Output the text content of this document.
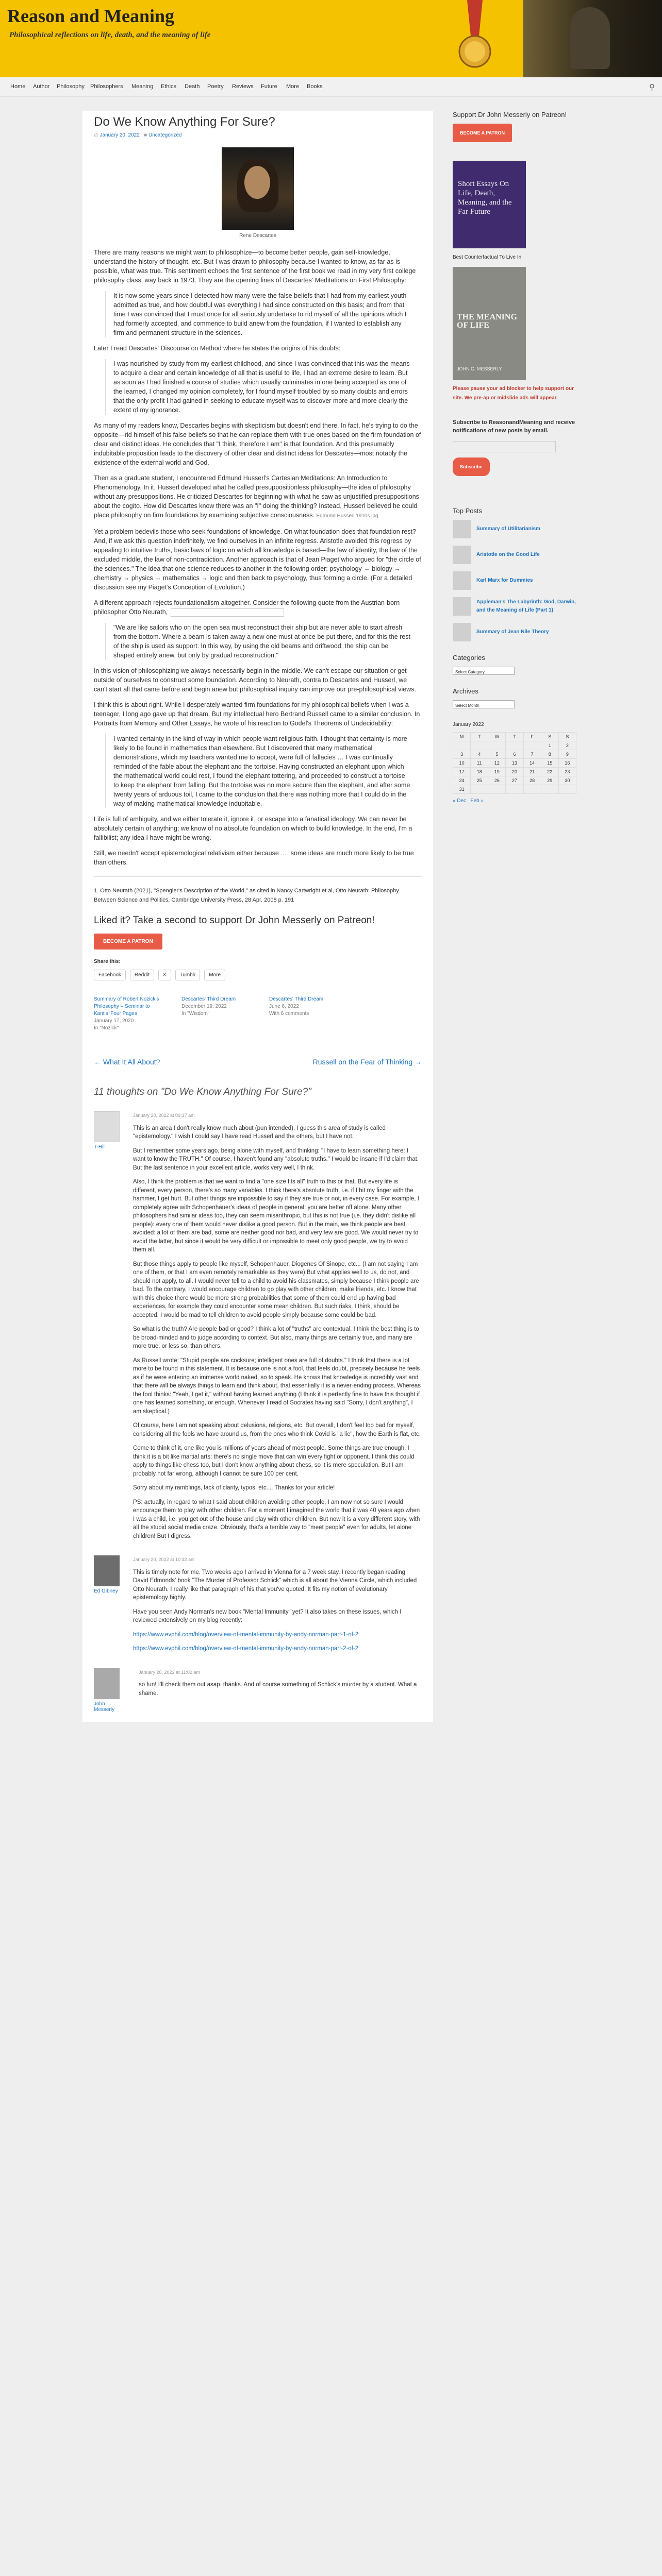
Reason and Meaning
Philosophical reflections on life, death, and the meaning of life
Home Author Philosophy Philosophers Meaning Ethics Death Poetry Reviews Future More Books	⚲
Do We Know Anything For Sure?
◴ January 20, 2022 ■ Uncategorized
Rene Descartes

There are many reasons we might want to philosophize—to become better people, gain self-knowledge, understand the history of thought, etc. But I was drawn to philosophy because I wanted to know, as far as is possible, what was true. This sentiment echoes the first sentence of the first book we read in my very first college philosophy class, way back in 1973. They are the opening lines of Descartes' Meditations on First Philosophy:

It is now some years since I detected how many were the false beliefs that I had from my earliest youth admitted as true, and how doubtful was everything I had since constructed on this basis; and from that time I was convinced that I must once for all seriously undertake to rid myself of all the opinions which I had formerly accepted, and commence to build anew from the foundation, if I wanted to establish any firm and permanent structure in the sciences.

Later I read Descartes' Discourse on Method where he states the origins of his doubts:

I was nourished by study from my earliest childhood, and since I was convinced that this was the means to acquire a clear and certain knowledge of all that is useful to life, I had an extreme desire to learn. But as soon as I had finished a course of studies which usually culminates in one being accepted as one of the learned, I changed my opinion completely, for I found myself troubled by so many doubts and errors that the only profit I had gained in seeking to educate myself was to discover more and more clearly the extent of my ignorance.

As many of my readers know, Descartes begins with skepticism but doesn't end there. In fact, he's trying to do the opposite—rid himself of his false beliefs so that he can replace them with true ones based on the firm foundation of clear and distinct ideas. He concludes that "I think, therefore I am" is that foundation. And this presumably indubitable proposition leads to the discovery of other clear and distinct ideas for Descartes—most notably the existence of the external world and God.

Then as a graduate student, I encountered Edmund Husserl's Cartesian Meditations: An Introduction to Phenomenology. In it, Husserl developed what he called presuppositionless philosophy—the idea of philosophy without any presuppositions. He criticized Descartes for beginning with what he saw as unjustified presuppositions about the cogito. How did Descartes know there was an "I" doing the thinking? Instead, Husserl believed he could place philosophy on firm foundations by examining subjective consciousness. Edmund Husserl 1910s.jpg

Yet a problem bedevils those who seek foundations of knowledge. On what foundation does that foundation rest? And, if we ask this question indefinitely, we find ourselves in an infinite regress. Aristotle avoided this regress by appealing to intuitive truths, basic laws of logic on which all knowledge is based—the law of identity, the law of the excluded middle, the law of non-contradiction. Another approach is that of Jean Piaget who argued for "the circle of the sciences." The idea that one science reduces to another in the following order: psychology → biology → chemistry → physics → mathematics → logic and then back to psychology, thus forming a circle. (For a detailed discussion see my Piaget's Conception of Evolution.)

A different approach rejects foundationalism altogether. Consider the following quote from the Austrian-born philosopher Otto Neurath,

"We are like sailors who on the open sea must reconstruct their ship but are never able to start afresh from the bottom. Where a beam is taken away a new one must at once be put there, and for this the rest of the ship is used as support. In this way, by using the old beams and driftwood, the ship can be shaped entirely anew, but only by gradual reconstruction."

In this vision of philosophizing we always necessarily begin in the middle. We can't escape our situation or get outside of ourselves to construct some foundation. According to Neurath, contra to Descartes and Husserl, we can't start all that came before and begin anew but philosophical inquiry can improve our pre-philosophical views.

I think this is about right. While I desperately wanted firm foundations for my philosophical beliefs when I was a teenager, I long ago gave up that dream. But my intellectual hero Bertrand Russell came to a similar conclusion. In Portraits from Memory and Other Essays, he wrote of his reaction to Gödel's Theorems of Undecidability:

I wanted certainty in the kind of way in which people want religious faith. I thought that certainty is more likely to be found in mathematics than elsewhere. But I discovered that many mathematical demonstrations, which my teachers wanted me to accept, were full of fallacies … I was continually reminded of the fable about the elephant and the tortoise. Having constructed an elephant upon which the mathematical world could rest, I found the elephant tottering, and proceeded to construct a tortoise to keep the elephant from falling. But the tortoise was no more secure than the elephant, and after some twenty years of arduous toil, I came to the conclusion that there was nothing more that I could do in the way of making mathematical knowledge indubitable.

Life is full of ambiguity, and we either tolerate it, ignore it, or escape into a fanatical ideology. We can never be absolutely certain of anything; we know of no absolute foundation on which to build knowledge. In the end, I'm a fallibilist; any idea I have might be wrong.

Still, we needn't accept epistemological relativism either because …. some ideas are much more likely to be true than others.

1. Otto Neurath (2021), "Spengler's Description of the World," as cited in Nancy Cartwright et al, Otto Neurath: Philosophy Between Science and Politics, Cambridge University Press, 28 Apr. 2008 p. 191

Liked it? Take a second to support Dr John Messerly on Patreon!
BECOME A PATRON
Share this:
Facebook	Reddit	X	Tumblr	More
Summary of Robert Nozick's Philosophy – Seminar to Kant's 'Four Pages
January 17, 2020
In "Nozick"
Descartes' Third Dream
December 19, 2022
In "Wisdom"
Descartes' Third Dream
June 6, 2022
With 6 comments
← What It All About?	Russell on the Fear of Thinking →
11 thoughts on "Do We Know Anything For Sure?"
T-Hill
January 20, 2022 at 09:17 am

This is an area I don't really know much about (pun intended). I guess this area of study is called "epistemology." I wish I could say I have read Husserl and the others, but I have not.

But I remember some years ago, being alone with myself, and thinking: "I have to learn something here: I want to know the TRUTH." Of course, I haven't found any "absolute truths." I would be insane if I'd claim that. But the last sentence in your excellent article, works very well, I think.

Also, I think the problem is that we want to find a "one size fits all" truth to this or that. But every life is different, every person, there's so many variables. I think there's absolute truth, i.e. if I hit my finger with the hammer, I get hurt. But other things are impossible to say if they are true or not, in every case. For example, I completely agree with Schopenhauer's ideas of people in general: you are better off alone. Many other philosophers had similar ideas too, they can seem misanthropic, but this is not true (i.e. they didn't dislike all people): every one of them would never dislike a good person. But in the main, we think people are best avoided: a lot of them are bad, some are neither good nor bad, and very few are good. We would never try to avoid the latter, but since it would be very difficult or impossible to meet only good people, we try to avoid them all.

But those things apply to people like myself, Schopenhauer, Diogenes Of Sinope, etc... (I am not saying I am one of them, or that I am even remotely remarkable as they were) But what applies well to us, do not, and should not apply, to all. I would never tell to a child to avoid his classmates, simply because I think people are bad. To the contrary, I would encourage children to go play with other children, make friends, etc. I know that with this choice there would be more strong probabilities that some of them could end up having bad experiences, for example they could encounter some mean children. But such risks, I think, should be accepted. I would be mad to tell children to avoid people simply because some could be bad.

So what is the truth? Are people bad or good? I think a lot of "truths" are contextual. I think the best thing is to be broad-minded and to judge according to context. But also, many things are certainly true, and many are more true, or less so, than others.

As Russell wrote: "Stupid people are cocksure; intelligent ones are full of doubts." I think that there is a lot more to be found in this statement. It is because one is not a fool, that feels doubt, precisely because he feels as if he were entering an immense world naked, so to speak. He knows that knowledge is incredibly vast and that there will be always things to learn and think about, that essentially it is a never-ending process. Whereas the fool thinks: "Yeah, I get it," without having learned anything (I think it is perfectly fine to have this thought if one has learned something, or enough. Whenever I read of Socrates having said "Sorry, I don't anything", I am skeptical.)

Of course, here I am not speaking about delusions, religions, etc. But overall, I don't feel too bad for myself, considering all the fools we have around us, from the ones who think Covid is "a lie", how the Earth is flat, etc.

Come to think of it, one like you is millions of years ahead of most people. Some things are true enough. I think it is a bit like martial arts: there's no single move that can win every fight or opponent. I think this could apply to things like chess too, but I don't know anything about chess, so it is mere speculation. But I am probably not far wrong, although I cannot be sure 100 per cent.

Sorry about my ramblings, lack of clarity, typos, etc.... Thanks for your article!

PS: actually, in regard to what I said about children avoiding other people, I am now not so sure I would encourage them to play with other children. For a moment I imagined the world that it was 40 years ago when I was a child, i.e. you get out of the house and play with other children. But now it is a very different story, with all the stupid social media craze. Obviously, that's a terrible way to "meet people" even for adults, let alone children! But I digress.

Ed Gibney
January 20, 2022 at 10:42 am

This is timely note for me. Two weeks ago I arrived in Vienna for a 7 week stay. I recently began reading David Edmonds' book "The Murder of Professor Schlick" which is all about the Vienna Circle, which included Otto Neurath. I really like that paragraph of his that you've quoted. It fits my notion of evolutionary epistemology highly.

Have you seen Andy Norman's new book "Mental Immunity" yet? It also takes on these issues, which I reviewed extensively on my blog recently:

https://www.evphil.com/blog/overview-of-mental-immunity-by-andy-norman-part-1-of-2

https://www.evphil.com/blog/overview-of-mental-immunity-by-andy-norman-part-2-of-2

John Messerly
January 20, 2022 at 11:02 am

so fun! I'll check them out asap. thanks. And of course something of Schlick's murder by a student. What a shame.

Support Dr John Messerly on Patreon!
BECOME A PATRON
Short Essays On Life, Death, Meaning, and the Far Future
Best Counterfactual To Live In
THE MEANING OF LIFE
JOHN G. MESSERLY

Please pause your ad blocker to help support our site. We pre-ap or midslide ads will appear.

Subscribe to ReasonandMeaning and receive notifications of new posts by email.

Subscribe
Top Posts
Summary of Utilitarianism
Aristotle on the Good Life
Karl Marx for Dummies
Appleman's The Labyrinth: God, Darwin, and the Meaning of Life (Part 1)
Summary of Jean Nile Theory
Categories
Select Category
Archives
Select Month
January 2022
M	T	W	T	F	S	S
					1	2
3	4	5	6	7	8	9
10	11	12	13	14	15	16
17	18	19	20	21	22	23
24	25	26	27	28	29	30
31						
« Dec Feb »
